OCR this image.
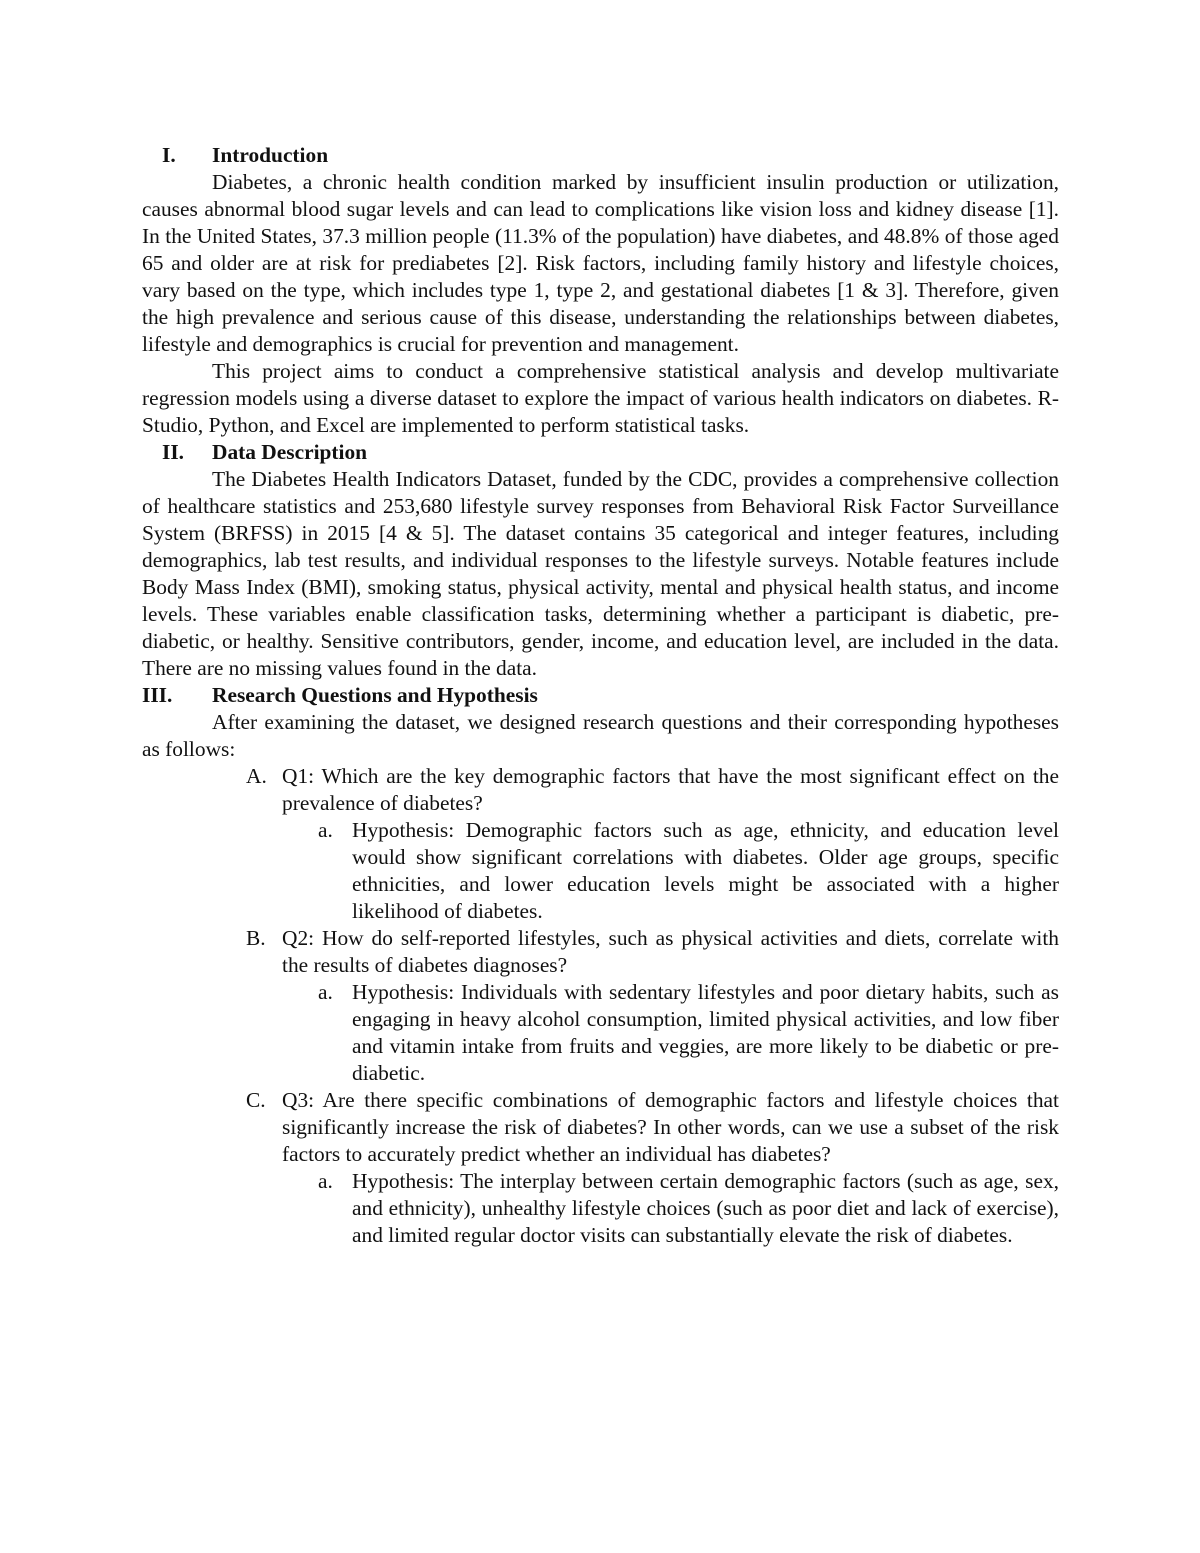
I.	Introduction

Diabetes, a chronic health condition marked by insufficient insulin production or utilization, causes abnormal blood sugar levels and can lead to complications like vision loss and kidney disease [1]. In the United States, 37.3 million people (11.3% of the population) have diabetes, and 48.8% of those aged 65 and older are at risk for prediabetes [2]. Risk factors, including family history and lifestyle choices, vary based on the type, which includes type 1, type 2, and gestational diabetes [1 & 3]. Therefore, given the high prevalence and serious cause of this disease, understanding the relationships between diabetes, lifestyle and demographics is crucial for prevention and management.

This project aims to conduct a comprehensive statistical analysis and develop multivariate regression models using a diverse dataset to explore the impact of various health indicators on diabetes. R-Studio, Python, and Excel are implemented to perform statistical tasks.

II.	Data Description

The Diabetes Health Indicators Dataset, funded by the CDC, provides a comprehensive collection of healthcare statistics and 253,680 lifestyle survey responses from Behavioral Risk Factor Surveillance System (BRFSS) in 2015 [4 & 5]. The dataset contains 35 categorical and integer features, including demographics, lab test results, and individual responses to the lifestyle surveys. Notable features include Body Mass Index (BMI), smoking status, physical activity, mental and physical health status, and income levels. These variables enable classification tasks, determining whether a participant is diabetic, pre-diabetic, or healthy. Sensitive contributors, gender, income, and education level, are included in the data. There are no missing values found in the data.

III.	Research Questions and Hypothesis

After examining the dataset, we designed research questions and their corresponding hypotheses as follows:

A. Q1: Which are the key demographic factors that have the most significant effect on the prevalence of diabetes?
a. Hypothesis: Demographic factors such as age, ethnicity, and education level would show significant correlations with diabetes. Older age groups, specific ethnicities, and lower education levels might be associated with a higher likelihood of diabetes.
B. Q2: How do self-reported lifestyles, such as physical activities and diets, correlate with the results of diabetes diagnoses?
a. Hypothesis: Individuals with sedentary lifestyles and poor dietary habits, such as engaging in heavy alcohol consumption, limited physical activities, and low fiber and vitamin intake from fruits and veggies, are more likely to be diabetic or pre-diabetic.
C. Q3: Are there specific combinations of demographic factors and lifestyle choices that significantly increase the risk of diabetes? In other words, can we use a subset of the risk factors to accurately predict whether an individual has diabetes?
a. Hypothesis: The interplay between certain demographic factors (such as age, sex, and ethnicity), unhealthy lifestyle choices (such as poor diet and lack of exercise), and limited regular doctor visits can substantially elevate the risk of diabetes.
